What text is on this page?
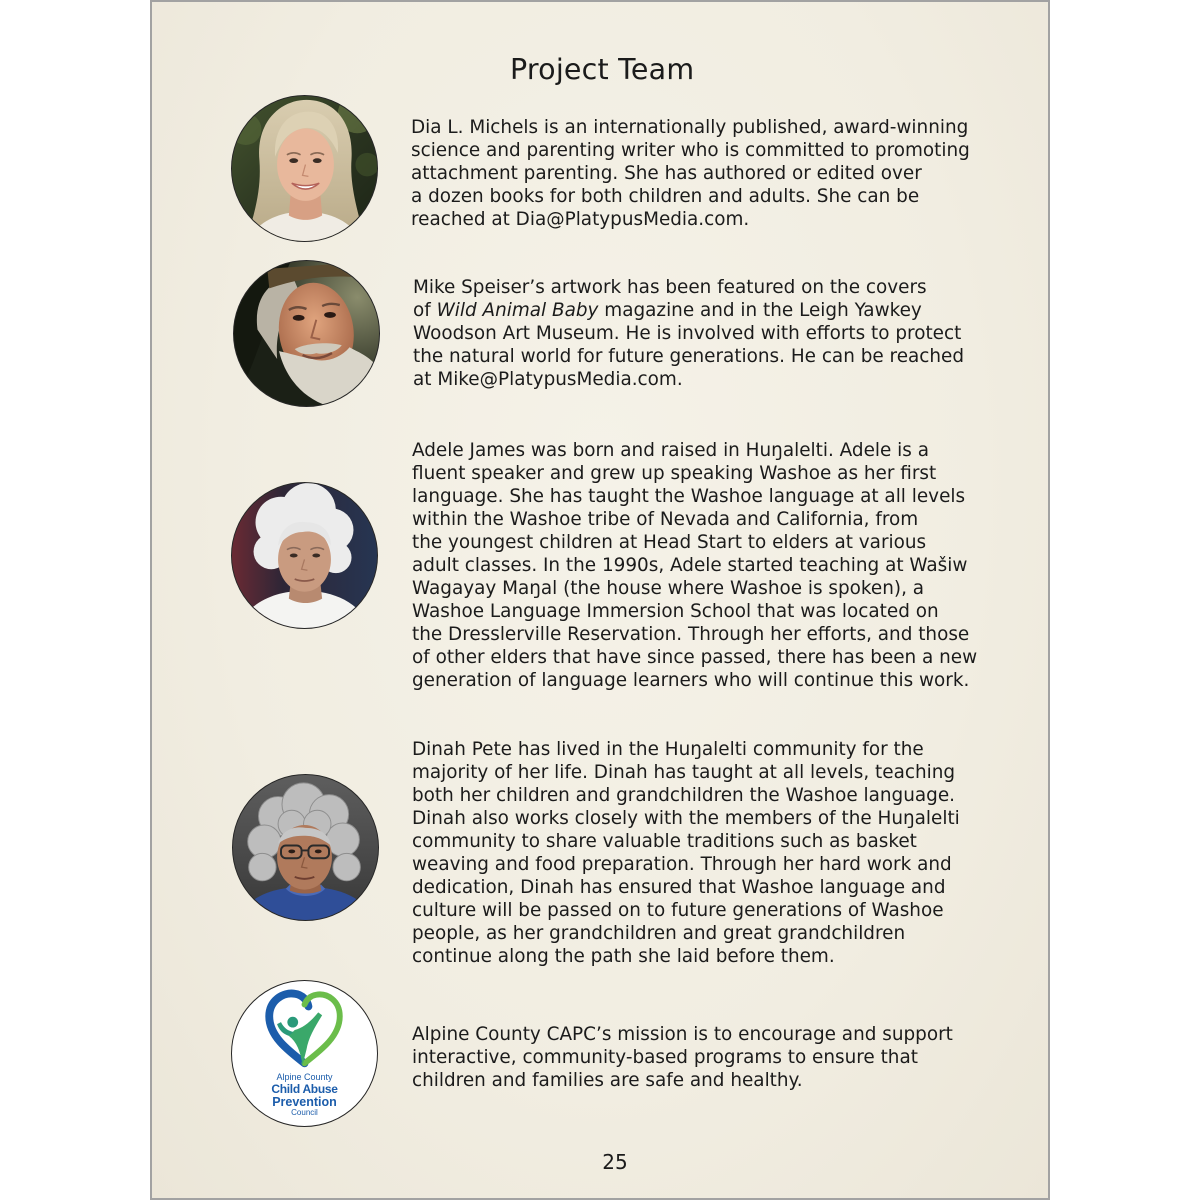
Project Team
Dia L. Michels is an internationally published, award-winning
science and parenting writer who is committed to promoting
attachment parenting. She has authored or edited over
a dozen books for both children and adults. She can be
reached at Dia@PlatypusMedia.com.
Mike Speiser’s artwork has been featured on the covers
of Wild Animal Baby magazine and in the Leigh Yawkey
Woodson Art Museum. He is involved with efforts to protect
the natural world for future generations. He can be reached
at Mike@PlatypusMedia.com.
Adele James was born and raised in Huŋalelti. Adele is a
fluent speaker and grew up speaking Washoe as her first
language. She has taught the Washoe language at all levels
within the Washoe tribe of Nevada and California, from
the youngest children at Head Start to elders at various
adult classes. In the 1990s, Adele started teaching at Wašiw
Wagayay Maŋal (the house where Washoe is spoken), a
Washoe Language Immersion School that was located on
the Dresslerville Reservation. Through her efforts, and those
of other elders that have since passed, there has been a new
generation of language learners who will continue this work.
Dinah Pete has lived in the Huŋalelti community for the
majority of her life. Dinah has taught at all levels, teaching
both her children and grandchildren the Washoe language.
Dinah also works closely with the members of the Huŋalelti
community to share valuable traditions such as basket
weaving and food preparation. Through her hard work and
dedication, Dinah has ensured that Washoe language and
culture will be passed on to future generations of Washoe
people, as her grandchildren and great grandchildren
continue along the path she laid before them.
Alpine County
Child Abuse
Prevention
Council
Alpine County CAPC’s mission is to encourage and support
interactive, community-based programs to ensure that
children and families are safe and healthy.
25
